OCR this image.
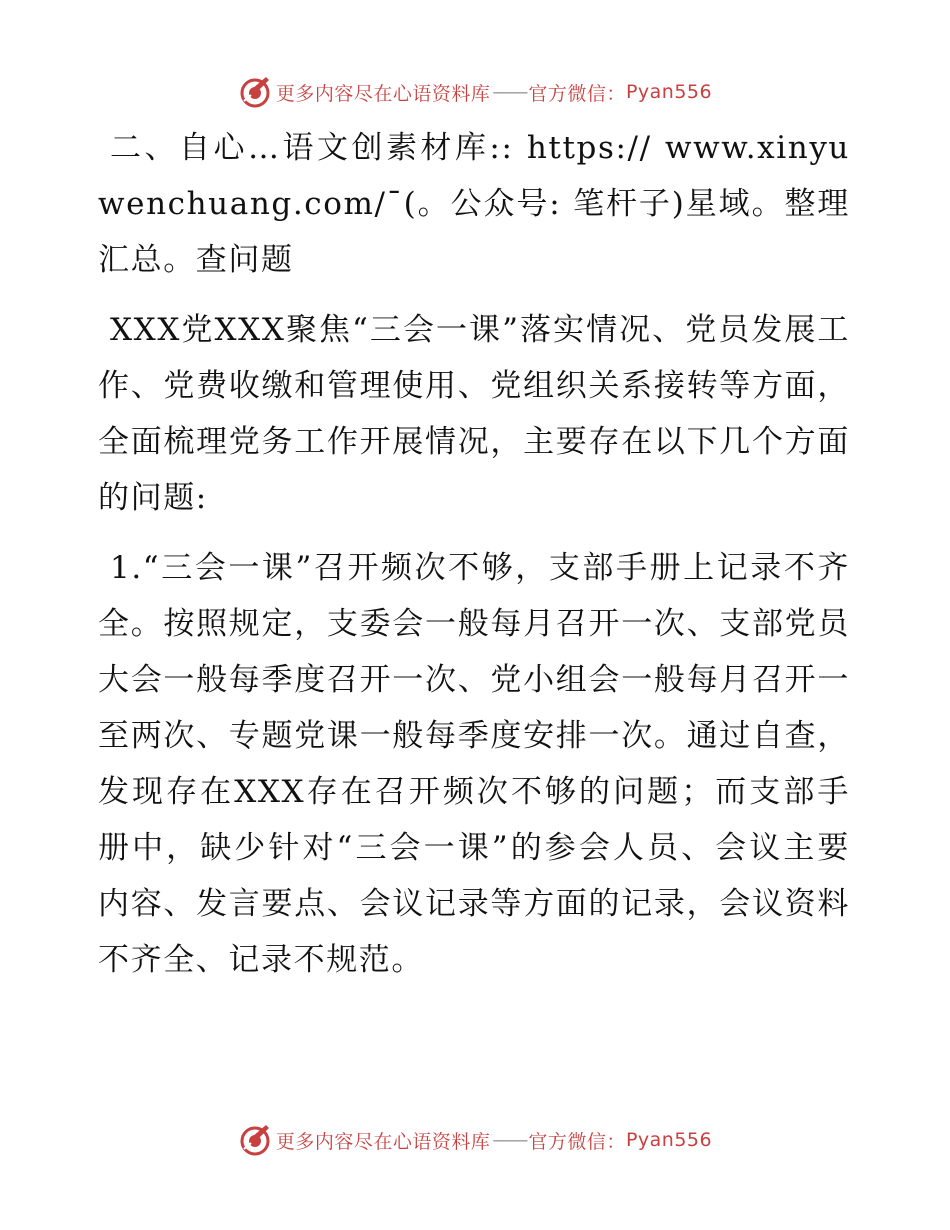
更多内容尽在心语资料库 —— 官方微信： Pyan556

二、自心…语文创素材库:: https:// www.xinyuwenchuang.com/¯(。公众号: 笔杆子)星域。整理汇总。查问题

XXX党XXX聚焦“三会一课”落实情况、党员发展工作、党费收缴和管理使用、党组织关系接转等方面，全面梳理党务工作开展情况，主要存在以下几个方面的问题:

1.“三会一课”召开频次不够，支部手册上记录不齐全。按照规定，支委会一般每月召开一次、支部党员大会一般每季度召开一次、党小组会一般每月召开一至两次、专题党课一般每季度安排一次。通过自查，发现存在XXX存在召开频次不够的问题；而支部手册中，缺少针对“三会一课”的参会人员、会议主要内容、发言要点、会议记录等方面的记录，会议资料不齐全、记录不规范。

更多内容尽在心语资料库 —— 官方微信： Pyan556
